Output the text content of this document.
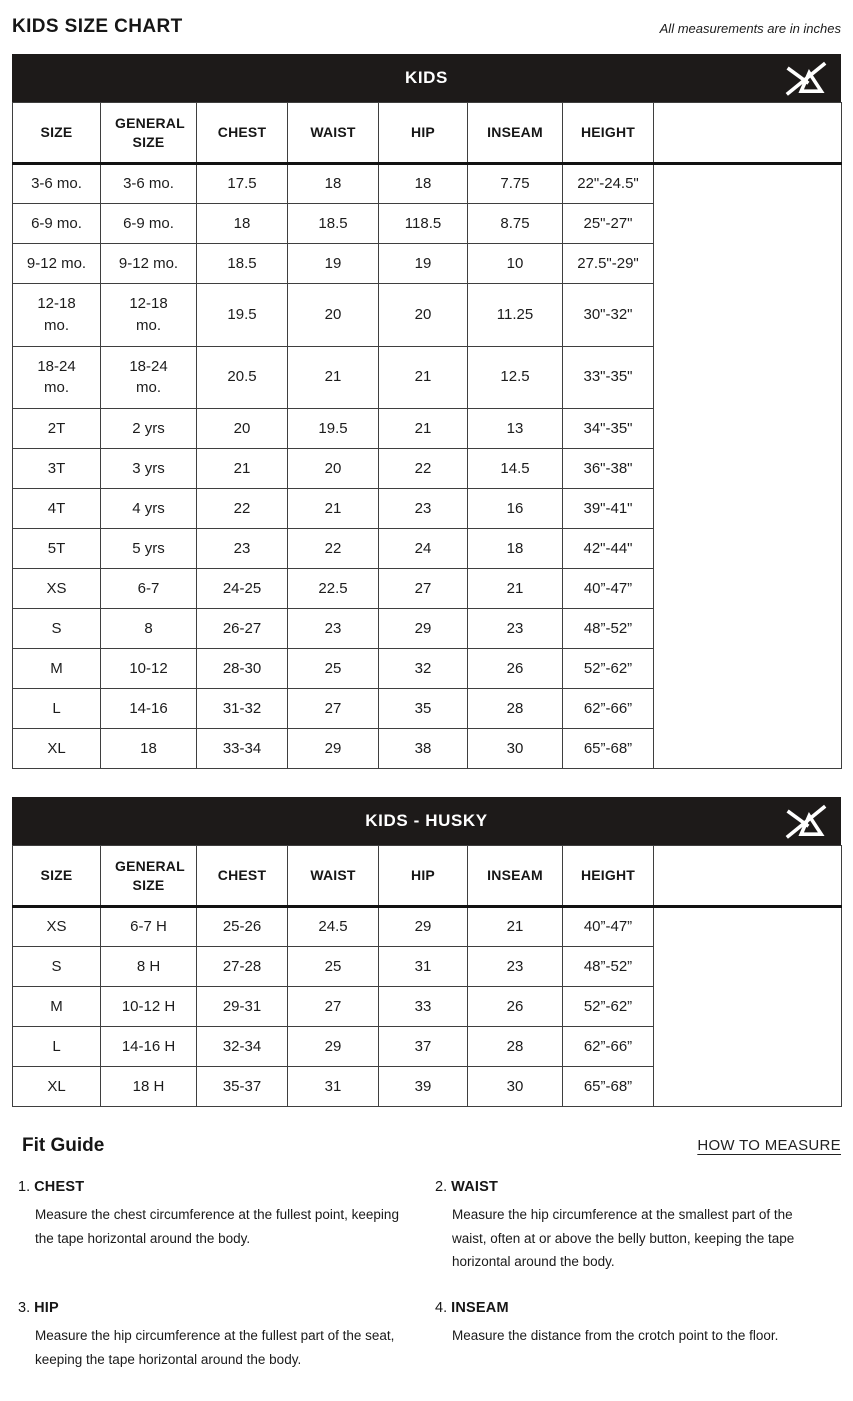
KIDS SIZE CHART	All measurements are in inches
KIDS
SIZE	GENERAL SIZE	CHEST	WAIST	HIP	INSEAM	HEIGHT	
3-6 mo.	3-6 mo.	17.5	18	18	7.75	22"-24.5"	
6-9 mo.	6-9 mo.	18	18.5	118.5	8.75	25"-27"	
9-12 mo.	9-12 mo.	18.5	19	19	10	27.5"-29"	
12-18 mo.	12-18 mo.	19.5	20	20	11.25	30"-32"	
18-24 mo.	18-24 mo.	20.5	21	21	12.5	33"-35"	
2T	2 yrs	20	19.5	21	13	34"-35"	
3T	3 yrs	21	20	22	14.5	36"-38"	
4T	4 yrs	22	21	23	16	39"-41"	
5T	5 yrs	23	22	24	18	42"-44"	
XS	6-7	24-25	22.5	27	21	40”-47”	
S	8	26-27	23	29	23	48”-52”	
M	10-12	28-30	25	32	26	52”-62”	
L	14-16	31-32	27	35	28	62”-66”	
XL	18	33-34	29	38	30	65”-68”	
KIDS - HUSKY
SIZE	GENERAL SIZE	CHEST	WAIST	HIP	INSEAM	HEIGHT	
XS	6-7 H	25-26	24.5	29	21	40”-47”	
S	8 H	27-28	25	31	23	48”-52”	
M	10-12 H	29-31	27	33	26	52”-62”	
L	14-16 H	32-34	29	37	28	62”-66”	
XL	18 H	35-37	31	39	30	65”-68”	
Fit Guide	HOW TO MEASURE
1. CHEST
Measure the chest circumference at the fullest point, keeping the tape horizontal around the body.
2. WAIST
Measure the hip circumference at the smallest part of the waist, often at or above the belly button, keeping the tape horizontal around the body.
3. HIP
Measure the hip circumference at the fullest part of the seat, keeping the tape horizontal around the body.
4. INSEAM
Measure the distance from the crotch point to the floor.
